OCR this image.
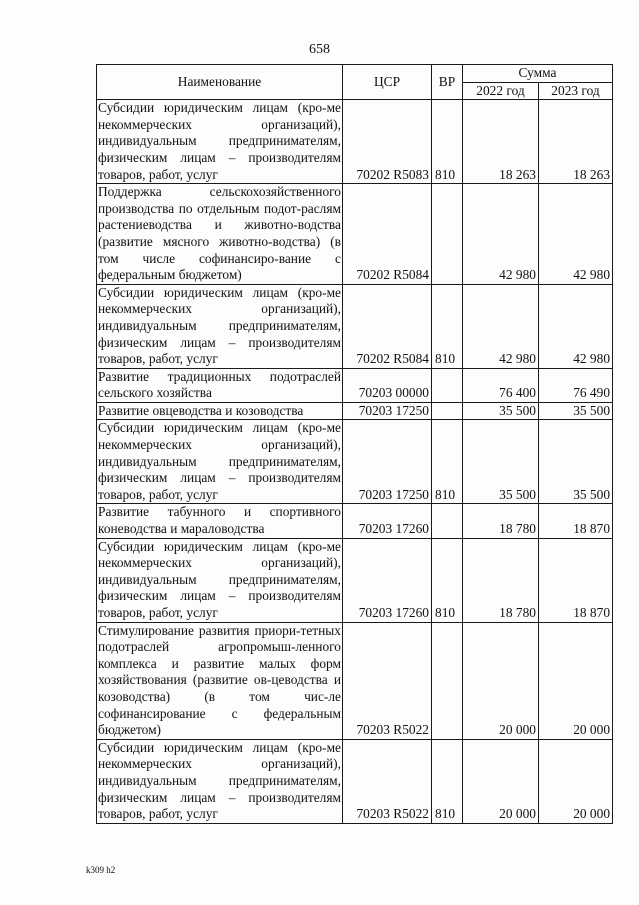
658
Наименование	ЦСР	ВР	Сумма	
			2022 год	2023 год
Субсидии юридическим лицам (кро-ме некоммерческих организаций), индивидуальным предпринимателям, физическим лицам – производителям товаров, работ, услуг	70202 R5083	810	18 263	18 263
Поддержка сельскохозяйственного производства по отдельным подот-раслям растениеводства и животно-водства (развитие мясного животно-водства) (в том числе софинансиро-вание с федеральным бюджетом)	70202 R5084		42 980	42 980
Субсидии юридическим лицам (кро-ме некоммерческих организаций), индивидуальным предпринимателям, физическим лицам – производителям товаров, работ, услуг	70202 R5084	810	42 980	42 980
Развитие традиционных подотраслей сельского хозяйства	70203 00000		76 400	76 490
Развитие овцеводства и козоводства	70203 17250		35 500	35 500
Субсидии юридическим лицам (кро-ме некоммерческих организаций), индивидуальным предпринимателям, физическим лицам – производителям товаров, работ, услуг	70203 17250	810	35 500	35 500
Развитие табунного и спортивного коневодства и мараловодства	70203 17260		18 780	18 870
Субсидии юридическим лицам (кро-ме некоммерческих организаций), индивидуальным предпринимателям, физическим лицам – производителям товаров, работ, услуг	70203 17260	810	18 780	18 870
Стимулирование развития приори-тетных подотраслей агропромыш-ленного комплекса и развитие малых форм хозяйствования (развитие ов-цеводства и козоводства) (в том чис-ле софинансирование с федеральным бюджетом)	70203 R5022		20 000	20 000
Субсидии юридическим лицам (кро-ме некоммерческих организаций), индивидуальным предпринимателям, физическим лицам – производителям товаров, работ, услуг	70203 R5022	810	20 000	20 000
k309 h2
